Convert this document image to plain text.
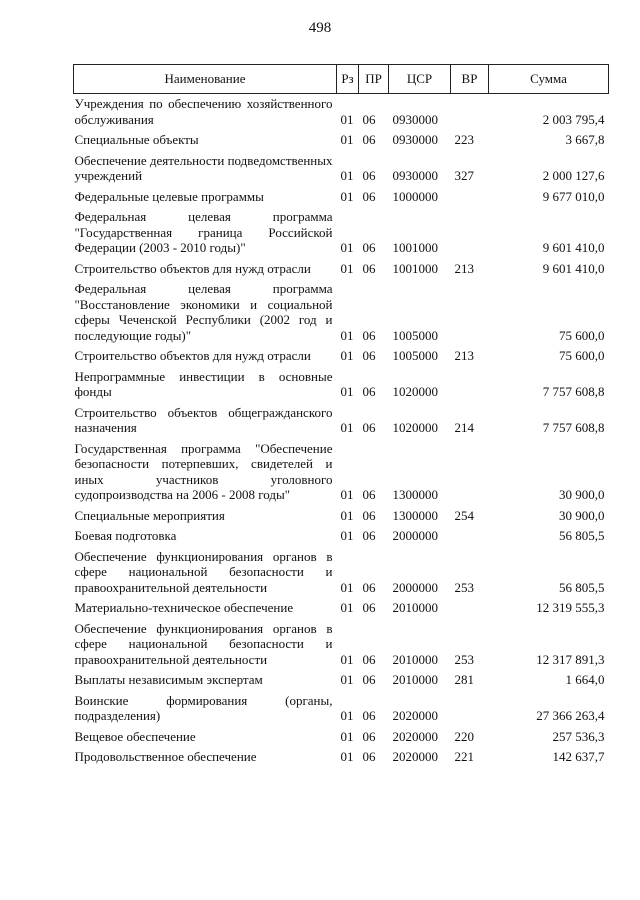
498
Наименование	Рз	ПР	ЦСР	ВР	Сумма
Учреждения по обеспечению хозяйственного обслуживания	01	06	0930000		2 003 795,4
Специальные объекты	01	06	0930000	223	3 667,8
Обеспечение деятельности подведомственных учреждений	01	06	0930000	327	2 000 127,6
Федеральные целевые программы	01	06	1000000		9 677 010,0
Федеральная целевая программа "Государственная граница Российской Федерации (2003 - 2010 годы)"	01	06	1001000		9 601 410,0
Строительство объектов для нужд отрасли	01	06	1001000	213	9 601 410,0
Федеральная целевая программа "Восстановление экономики и социальной сферы Чеченской Республики (2002 год и последующие годы)"	01	06	1005000		75 600,0
Строительство объектов для нужд отрасли	01	06	1005000	213	75 600,0
Непрограммные инвестиции в основные фонды	01	06	1020000		7 757 608,8
Строительство объектов общегражданского назначения	01	06	1020000	214	7 757 608,8
Государственная программа "Обеспечение безопасности потерпевших, свидетелей и иных участников уголовного судопроизводства на 2006 - 2008 годы"	01	06	1300000		30 900,0
Специальные мероприятия	01	06	1300000	254	30 900,0
Боевая подготовка	01	06	2000000		56 805,5
Обеспечение функционирования органов в сфере национальной безопасности и правоохранительной деятельности	01	06	2000000	253	56 805,5
Материально-техническое обеспечение	01	06	2010000		12 319 555,3
Обеспечение функционирования органов в сфере национальной безопасности и правоохранительной деятельности	01	06	2010000	253	12 317 891,3
Выплаты независимым экспертам	01	06	2010000	281	1 664,0
Воинские формирования (органы, подразделения)	01	06	2020000		27 366 263,4
Вещевое обеспечение	01	06	2020000	220	257 536,3
Продовольственное обеспечение	01	06	2020000	221	142 637,7
